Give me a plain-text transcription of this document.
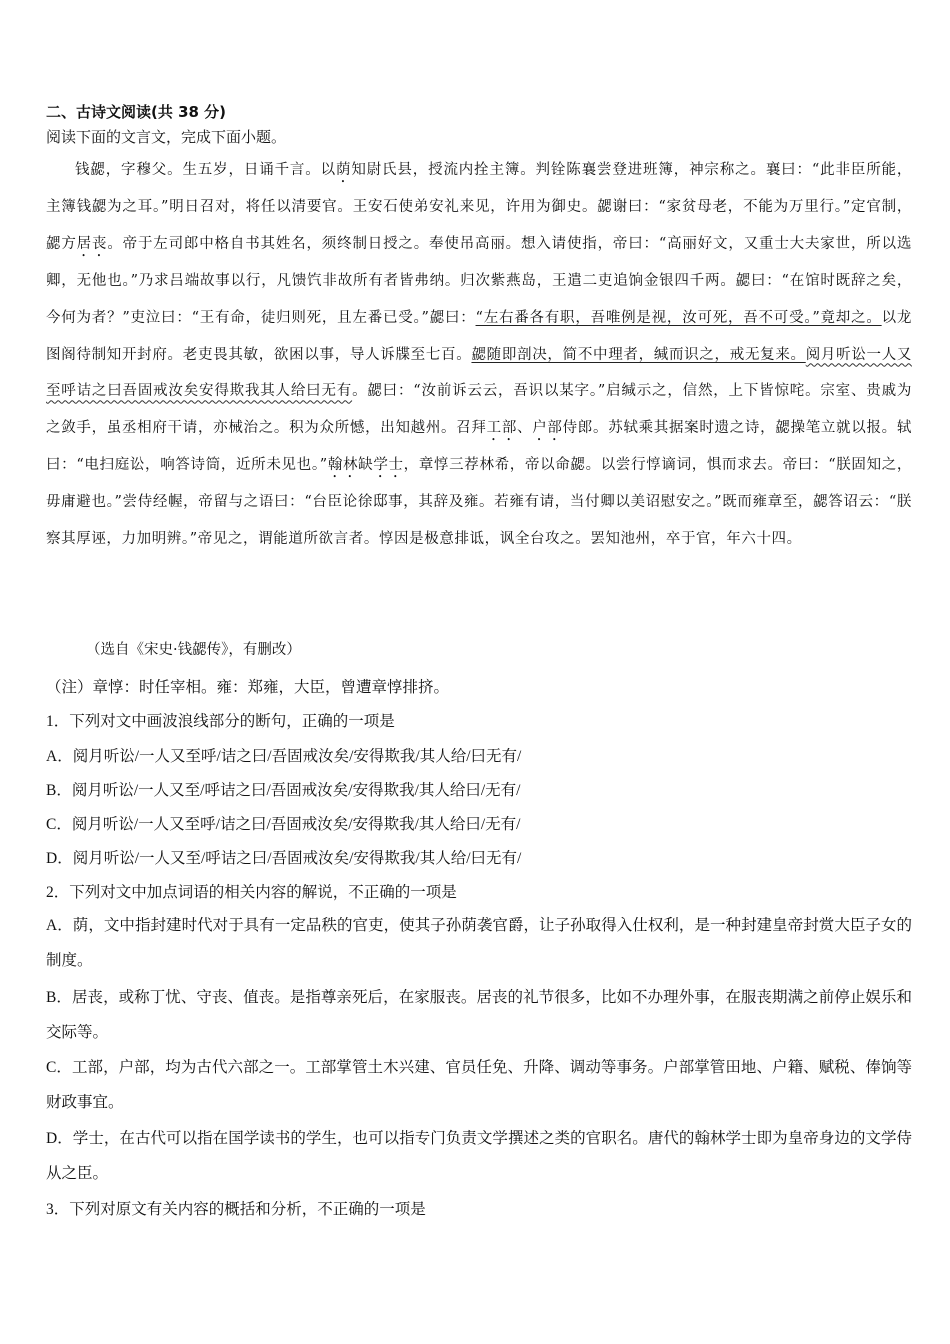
二、古诗文阅读(共 38 分)

阅读下面的文言文，完成下面小题。

钱勰，字穆父。生五岁，日诵千言。以荫知尉氏县，授流内拴主簿。判铨陈襄尝登进班簿，神宗称之。襄曰：“此非臣所能，主簿钱勰为之耳。”明日召对，将任以清要官。王安石使弟安礼来见，许用为御史。勰谢曰：“家贫母老，不能为万里行。”定官制，勰方居丧。帝于左司郎中格自书其姓名，须终制日授之。奉使吊高丽。想入请使指，帝曰：“高丽好文，又重士大夫家世，所以选卿，无他也。”乃求吕端故事以行，凡馈饩非故所有者皆弗纳。归次紫燕岛，王遣二吏追饷金银四千两。勰曰：“在馆时既辞之矣，今何为者？”吏泣曰：“王有命，徒归则死，且左番已受。”勰曰：“左右番各有职，吾唯例是视，汝可死，吾不可受。”竟却之。以龙图阁待制知开封府。老吏畏其敏，欲困以事，导人诉牒至七百。勰随即剖决，简不中理者，缄而识之，戒无复来。阅月听讼一人又至呼诘之曰吾固戒汝矣安得欺我其人给曰无有。勰曰：“汝前诉云云，吾识以某字。”启缄示之，信然，上下皆惊咤。宗室、贵戚为之敛手，虽丞相府干请，亦械治之。积为众所憾，出知越州。召拜工部、户部侍郎。苏轼乘其据案时遗之诗，勰操笔立就以报。轼曰：“电扫庭讼，响答诗筒，近所未见也。”翰林缺学士，章惇三荐林希，帝以命勰。以尝行惇谪词，惧而求去。帝曰：“朕固知之，毋庸避也。”尝侍经幄，帝留与之语曰：“台臣论徐邸事，其辞及雍。若雍有请，当付卿以美诏慰安之。”既而雍章至，勰答诏云：“朕察其厚诬，力加明辨。”帝见之，谓能道所欲言者。惇因是极意排诋，讽全台攻之。罢知池州，卒于官，年六十四。

（选自《宋史·钱勰传》，有删改）

（注）章惇：时任宰相。雍：郑雍，大臣，曾遭章惇排挤。

1．下列对文中画波浪线部分的断句，正确的一项是

A．阅月听讼/一人又至呼/诘之曰/吾固戒汝矣/安得欺我/其人给/曰无有/

B．阅月听讼/一人又至/呼诘之曰/吾固戒汝矣/安得欺我/其人给曰/无有/

C．阅月听讼/一人又至呼/诘之曰/吾固戒汝矣/安得欺我/其人给曰/无有/

D．阅月听讼/一人又至/呼诘之曰/吾固戒汝矣/安得欺我/其人给/曰无有/

2．下列对文中加点词语的相关内容的解说，不正确的一项是

A．荫，文中指封建时代对于具有一定品秩的官吏，使其子孙荫袭官爵，让子孙取得入仕权利，是一种封建皇帝封赏大臣子女的制度。

B．居丧，或称丁忧、守丧、值丧。是指尊亲死后，在家服丧。居丧的礼节很多，比如不办理外事，在服丧期满之前停止娱乐和交际等。

C．工部，户部，均为古代六部之一。工部掌管土木兴建、官员任免、升降、调动等事务。户部掌管田地、户籍、赋税、俸饷等财政事宜。

D．学士，在古代可以指在国学读书的学生，也可以指专门负责文学撰述之类的官职名。唐代的翰林学士即为皇帝身边的文学侍从之臣。

3．下列对原文有关内容的概括和分析，不正确的一项是
